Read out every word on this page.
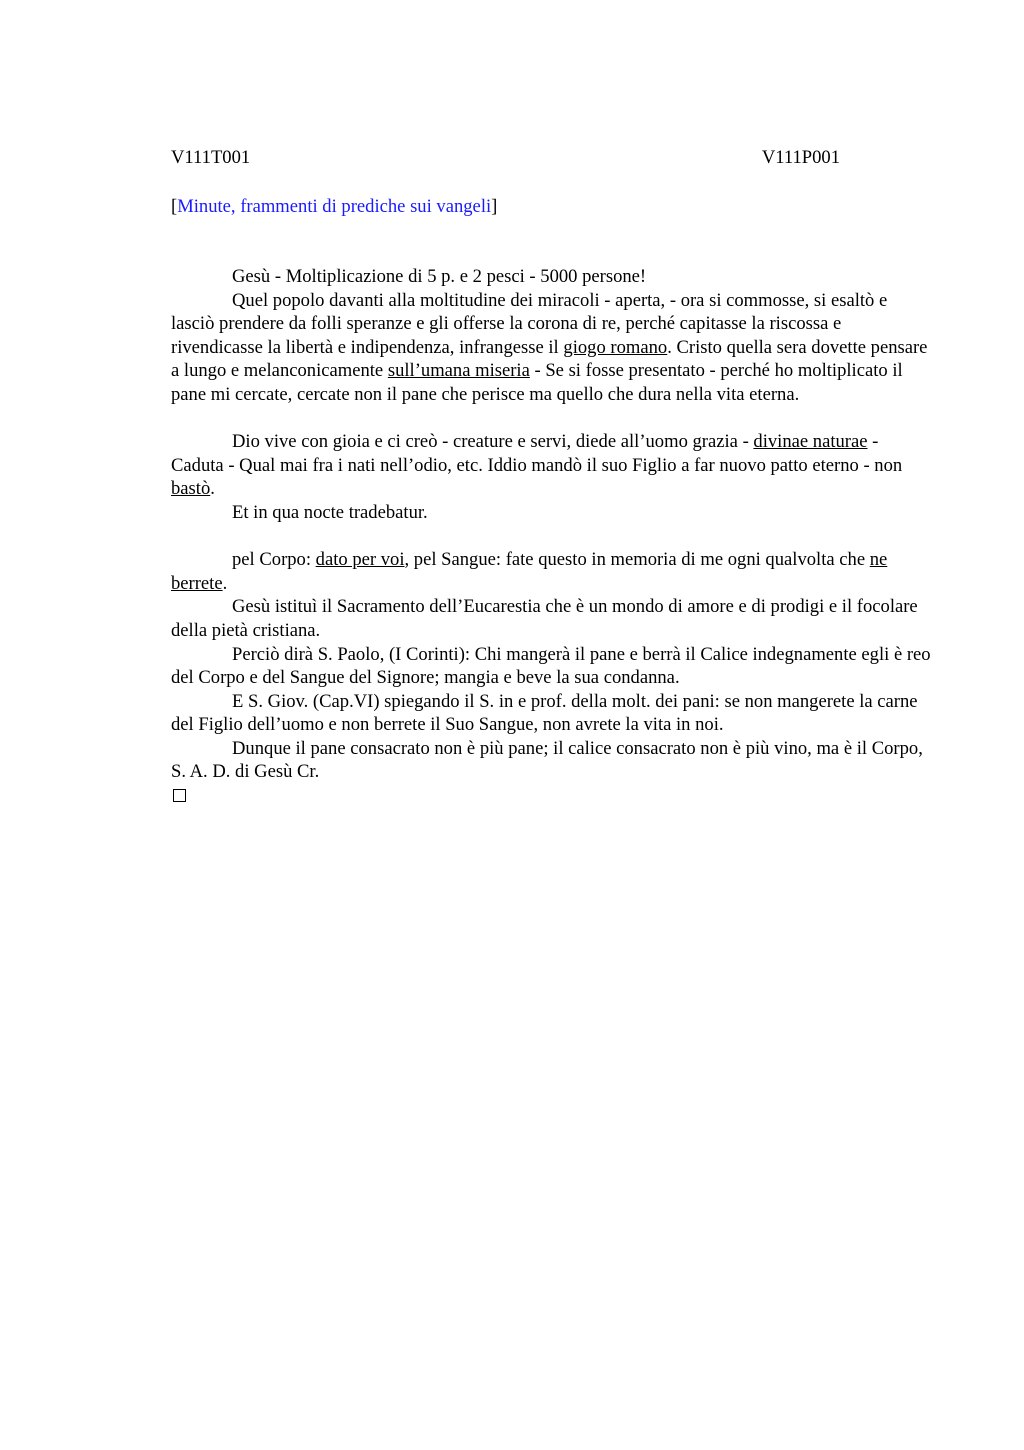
V111T001	V111P001
[Minute, frammenti di prediche sui vangeli]

Gesù - Moltiplicazione di 5 p. e 2 pesci - 5000 persone!

Quel popolo davanti alla moltitudine dei miracoli - aperta, - ora si commosse, si esaltò e lasciò prendere da folli speranze e gli offerse la corona di re, perché capitasse la riscossa e rivendicasse la libertà e indipendenza, infrangesse il giogo romano. Cristo quella sera dovette pensare a lungo e melanconicamente sull’umana miseria - Se si fosse presentato - perché ho moltiplicato il pane mi cercate, cercate non il pane che perisce ma quello che dura nella vita eterna.

Dio vive con gioia e ci creò - creature e servi, diede all’uomo grazia - divinae naturae - Caduta - Qual mai fra i nati nell’odio, etc. Iddio mandò il suo Figlio a far nuovo patto eterno - non bastò.

Et in qua nocte tradebatur.

pel Corpo: dato per voi, pel Sangue: fate questo in memoria di me ogni qualvolta che ne berrete.

Gesù istituì il Sacramento dell’Eucarestia che è un mondo di amore e di prodigi e il focolare della pietà cristiana.

Perciò dirà S. Paolo, (I Corinti): Chi mangerà il pane e berrà il Calice indegnamente egli è reo del Corpo e del Sangue del Signore; mangia e beve la sua condanna.

E S. Giov. (Cap.VI) spiegando il S. in e prof. della molt. dei pani: se non mangerete la carne del Figlio dell’uomo e non berrete il Suo Sangue, non avrete la vita in noi.

Dunque il pane consacrato non è più pane; il calice consacrato non è più vino, ma è il Corpo, S. A. D. di Gesù Cr.
